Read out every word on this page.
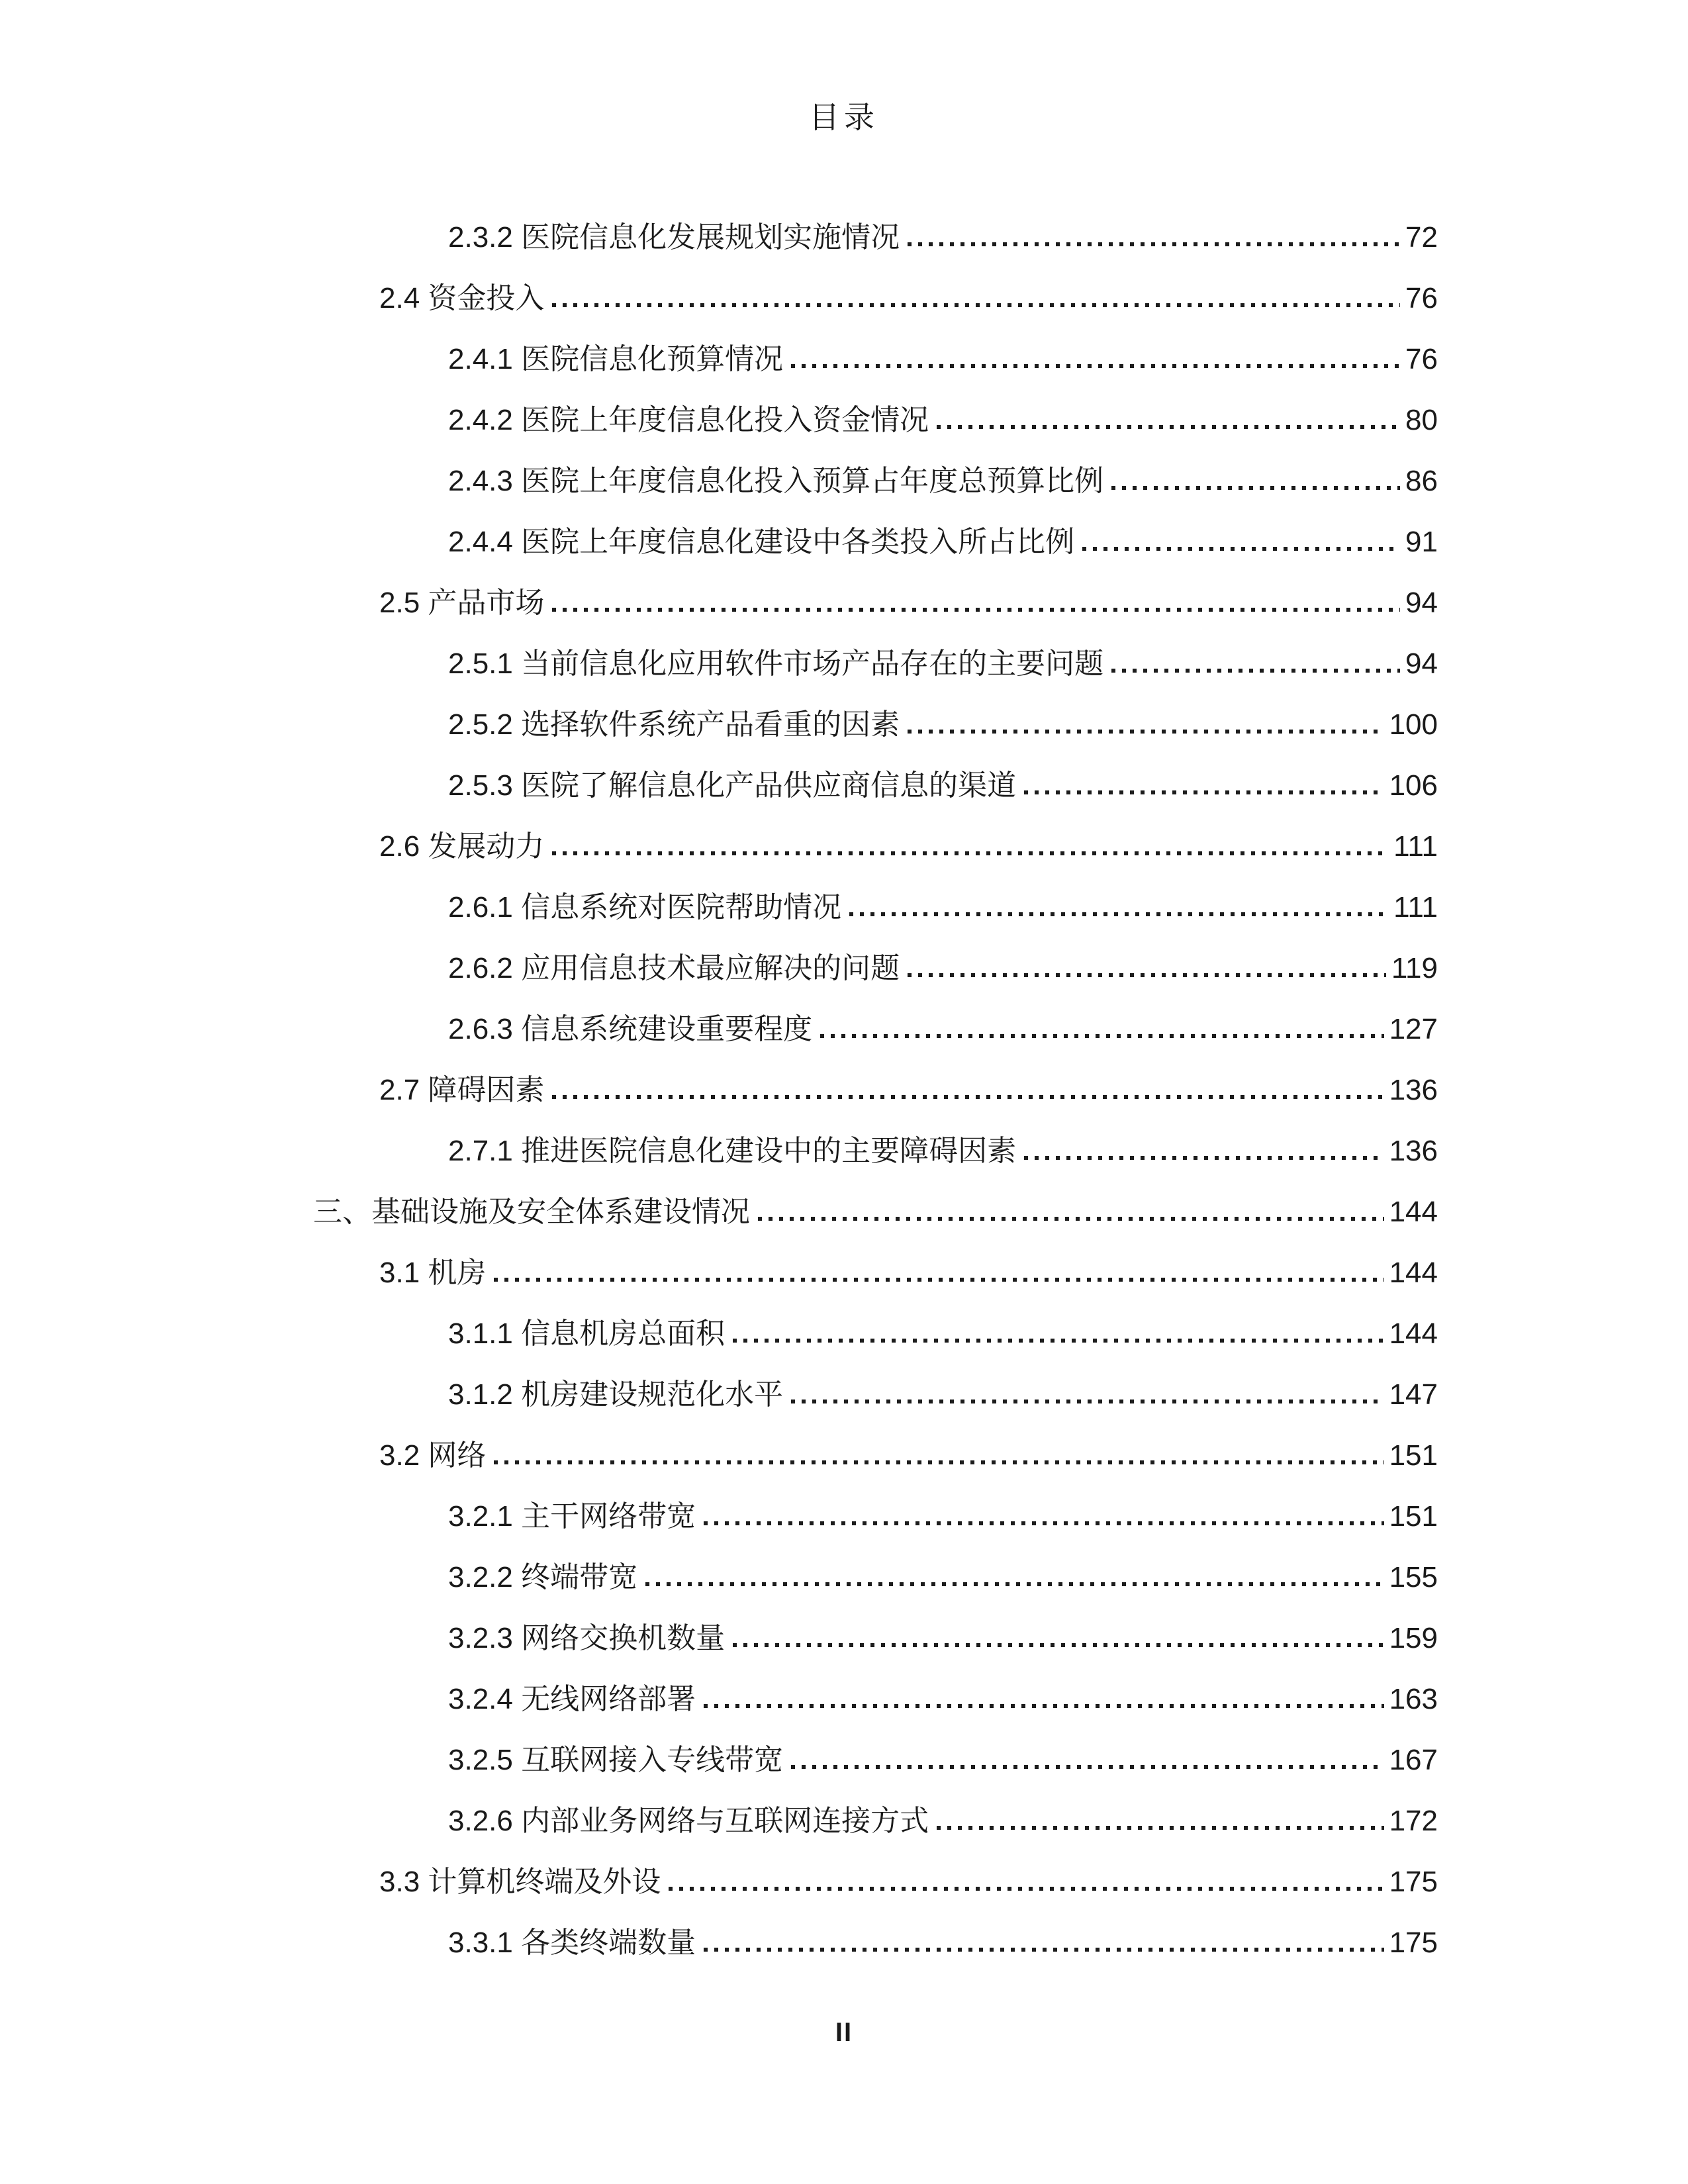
目录
2.3.2 医院信息化发展规划实施情况	72
2.4 资金投入	76
2.4.1 医院信息化预算情况	76
2.4.2 医院上年度信息化投入资金情况	80
2.4.3 医院上年度信息化投入预算占年度总预算比例	86
2.4.4 医院上年度信息化建设中各类投入所占比例	91
2.5 产品市场	94
2.5.1 当前信息化应用软件市场产品存在的主要问题	94
2.5.2 选择软件系统产品看重的因素	100
2.5.3 医院了解信息化产品供应商信息的渠道	106
2.6 发展动力	111
2.6.1 信息系统对医院帮助情况	111
2.6.2 应用信息技术最应解决的问题	119
2.6.3 信息系统建设重要程度	127
2.7 障碍因素	136
2.7.1 推进医院信息化建设中的主要障碍因素	136
三、基础设施及安全体系建设情况	144
3.1 机房	144
3.1.1 信息机房总面积	144
3.1.2 机房建设规范化水平	147
3.2 网络	151
3.2.1 主干网络带宽	151
3.2.2 终端带宽	155
3.2.3 网络交换机数量	159
3.2.4 无线网络部署	163
3.2.5 互联网接入专线带宽	167
3.2.6 内部业务网络与互联网连接方式	172
3.3 计算机终端及外设	175
3.3.1 各类终端数量	175
II
